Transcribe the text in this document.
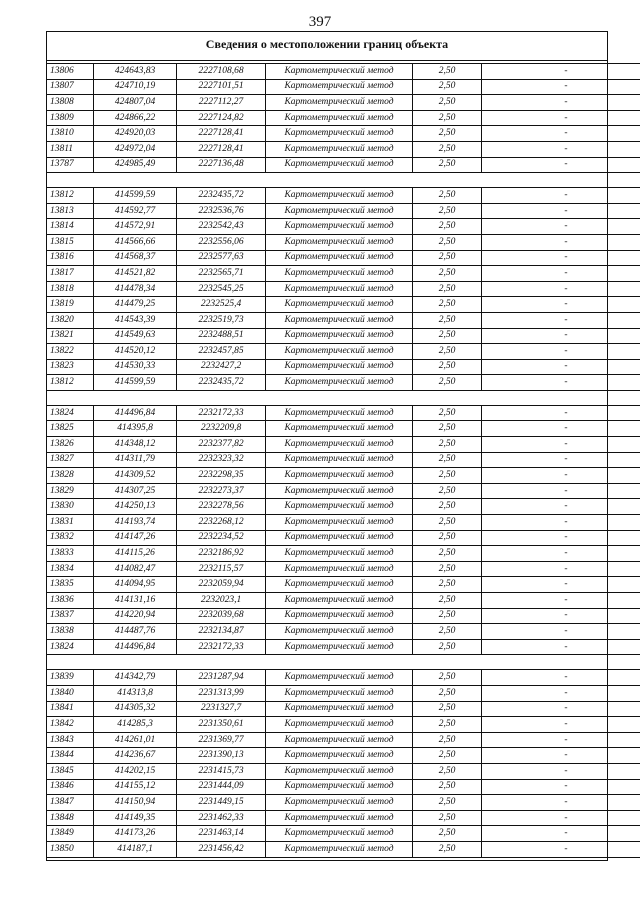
397
Сведения о местоположении границ объекта
13806	424643,83	2227108,68	Картометрический метод	2,50	-
13807	424710,19	2227101,51	Картометрический метод	2,50	-
13808	424807,04	2227112,27	Картометрический метод	2,50	-
13809	424866,22	2227124,82	Картометрический метод	2,50	-
13810	424920,03	2227128,41	Картометрический метод	2,50	-
13811	424972,04	2227128,41	Картометрический метод	2,50	-
13787	424985,49	2227136,48	Картометрический метод	2,50	-

13812	414599,59	2232435,72	Картометрический метод	2,50	-
13813	414592,77	2232536,76	Картометрический метод	2,50	-
13814	414572,91	2232542,43	Картометрический метод	2,50	-
13815	414566,66	2232556,06	Картометрический метод	2,50	-
13816	414568,37	2232577,63	Картометрический метод	2,50	-
13817	414521,82	2232565,71	Картометрический метод	2,50	-
13818	414478,34	2232545,25	Картометрический метод	2,50	-
13819	414479,25	2232525,4	Картометрический метод	2,50	-
13820	414543,39	2232519,73	Картометрический метод	2,50	-
13821	414549,63	2232488,51	Картометрический метод	2,50	-
13822	414520,12	2232457,85	Картометрический метод	2,50	-
13823	414530,33	2232427,2	Картометрический метод	2,50	-
13812	414599,59	2232435,72	Картометрический метод	2,50	-

13824	414496,84	2232172,33	Картометрический метод	2,50	-
13825	414395,8	2232209,8	Картометрический метод	2,50	-
13826	414348,12	2232377,82	Картометрический метод	2,50	-
13827	414311,79	2232323,32	Картометрический метод	2,50	-
13828	414309,52	2232298,35	Картометрический метод	2,50	-
13829	414307,25	2232273,37	Картометрический метод	2,50	-
13830	414250,13	2232278,56	Картометрический метод	2,50	-
13831	414193,74	2232268,12	Картометрический метод	2,50	-
13832	414147,26	2232234,52	Картометрический метод	2,50	-
13833	414115,26	2232186,92	Картометрический метод	2,50	-
13834	414082,47	2232115,57	Картометрический метод	2,50	-
13835	414094,95	2232059,94	Картометрический метод	2,50	-
13836	414131,16	2232023,1	Картометрический метод	2,50	-
13837	414220,94	2232039,68	Картометрический метод	2,50	-
13838	414487,76	2232134,87	Картометрический метод	2,50	-
13824	414496,84	2232172,33	Картометрический метод	2,50	-

13839	414342,79	2231287,94	Картометрический метод	2,50	-
13840	414313,8	2231313,99	Картометрический метод	2,50	-
13841	414305,32	2231327,7	Картометрический метод	2,50	-
13842	414285,3	2231350,61	Картометрический метод	2,50	-
13843	414261,01	2231369,77	Картометрический метод	2,50	-
13844	414236,67	2231390,13	Картометрический метод	2,50	-
13845	414202,15	2231415,73	Картометрический метод	2,50	-
13846	414155,12	2231444,09	Картометрический метод	2,50	-
13847	414150,94	2231449,15	Картометрический метод	2,50	-
13848	414149,35	2231462,33	Картометрический метод	2,50	-
13849	414173,26	2231463,14	Картометрический метод	2,50	-
13850	414187,1	2231456,42	Картометрический метод	2,50	-
